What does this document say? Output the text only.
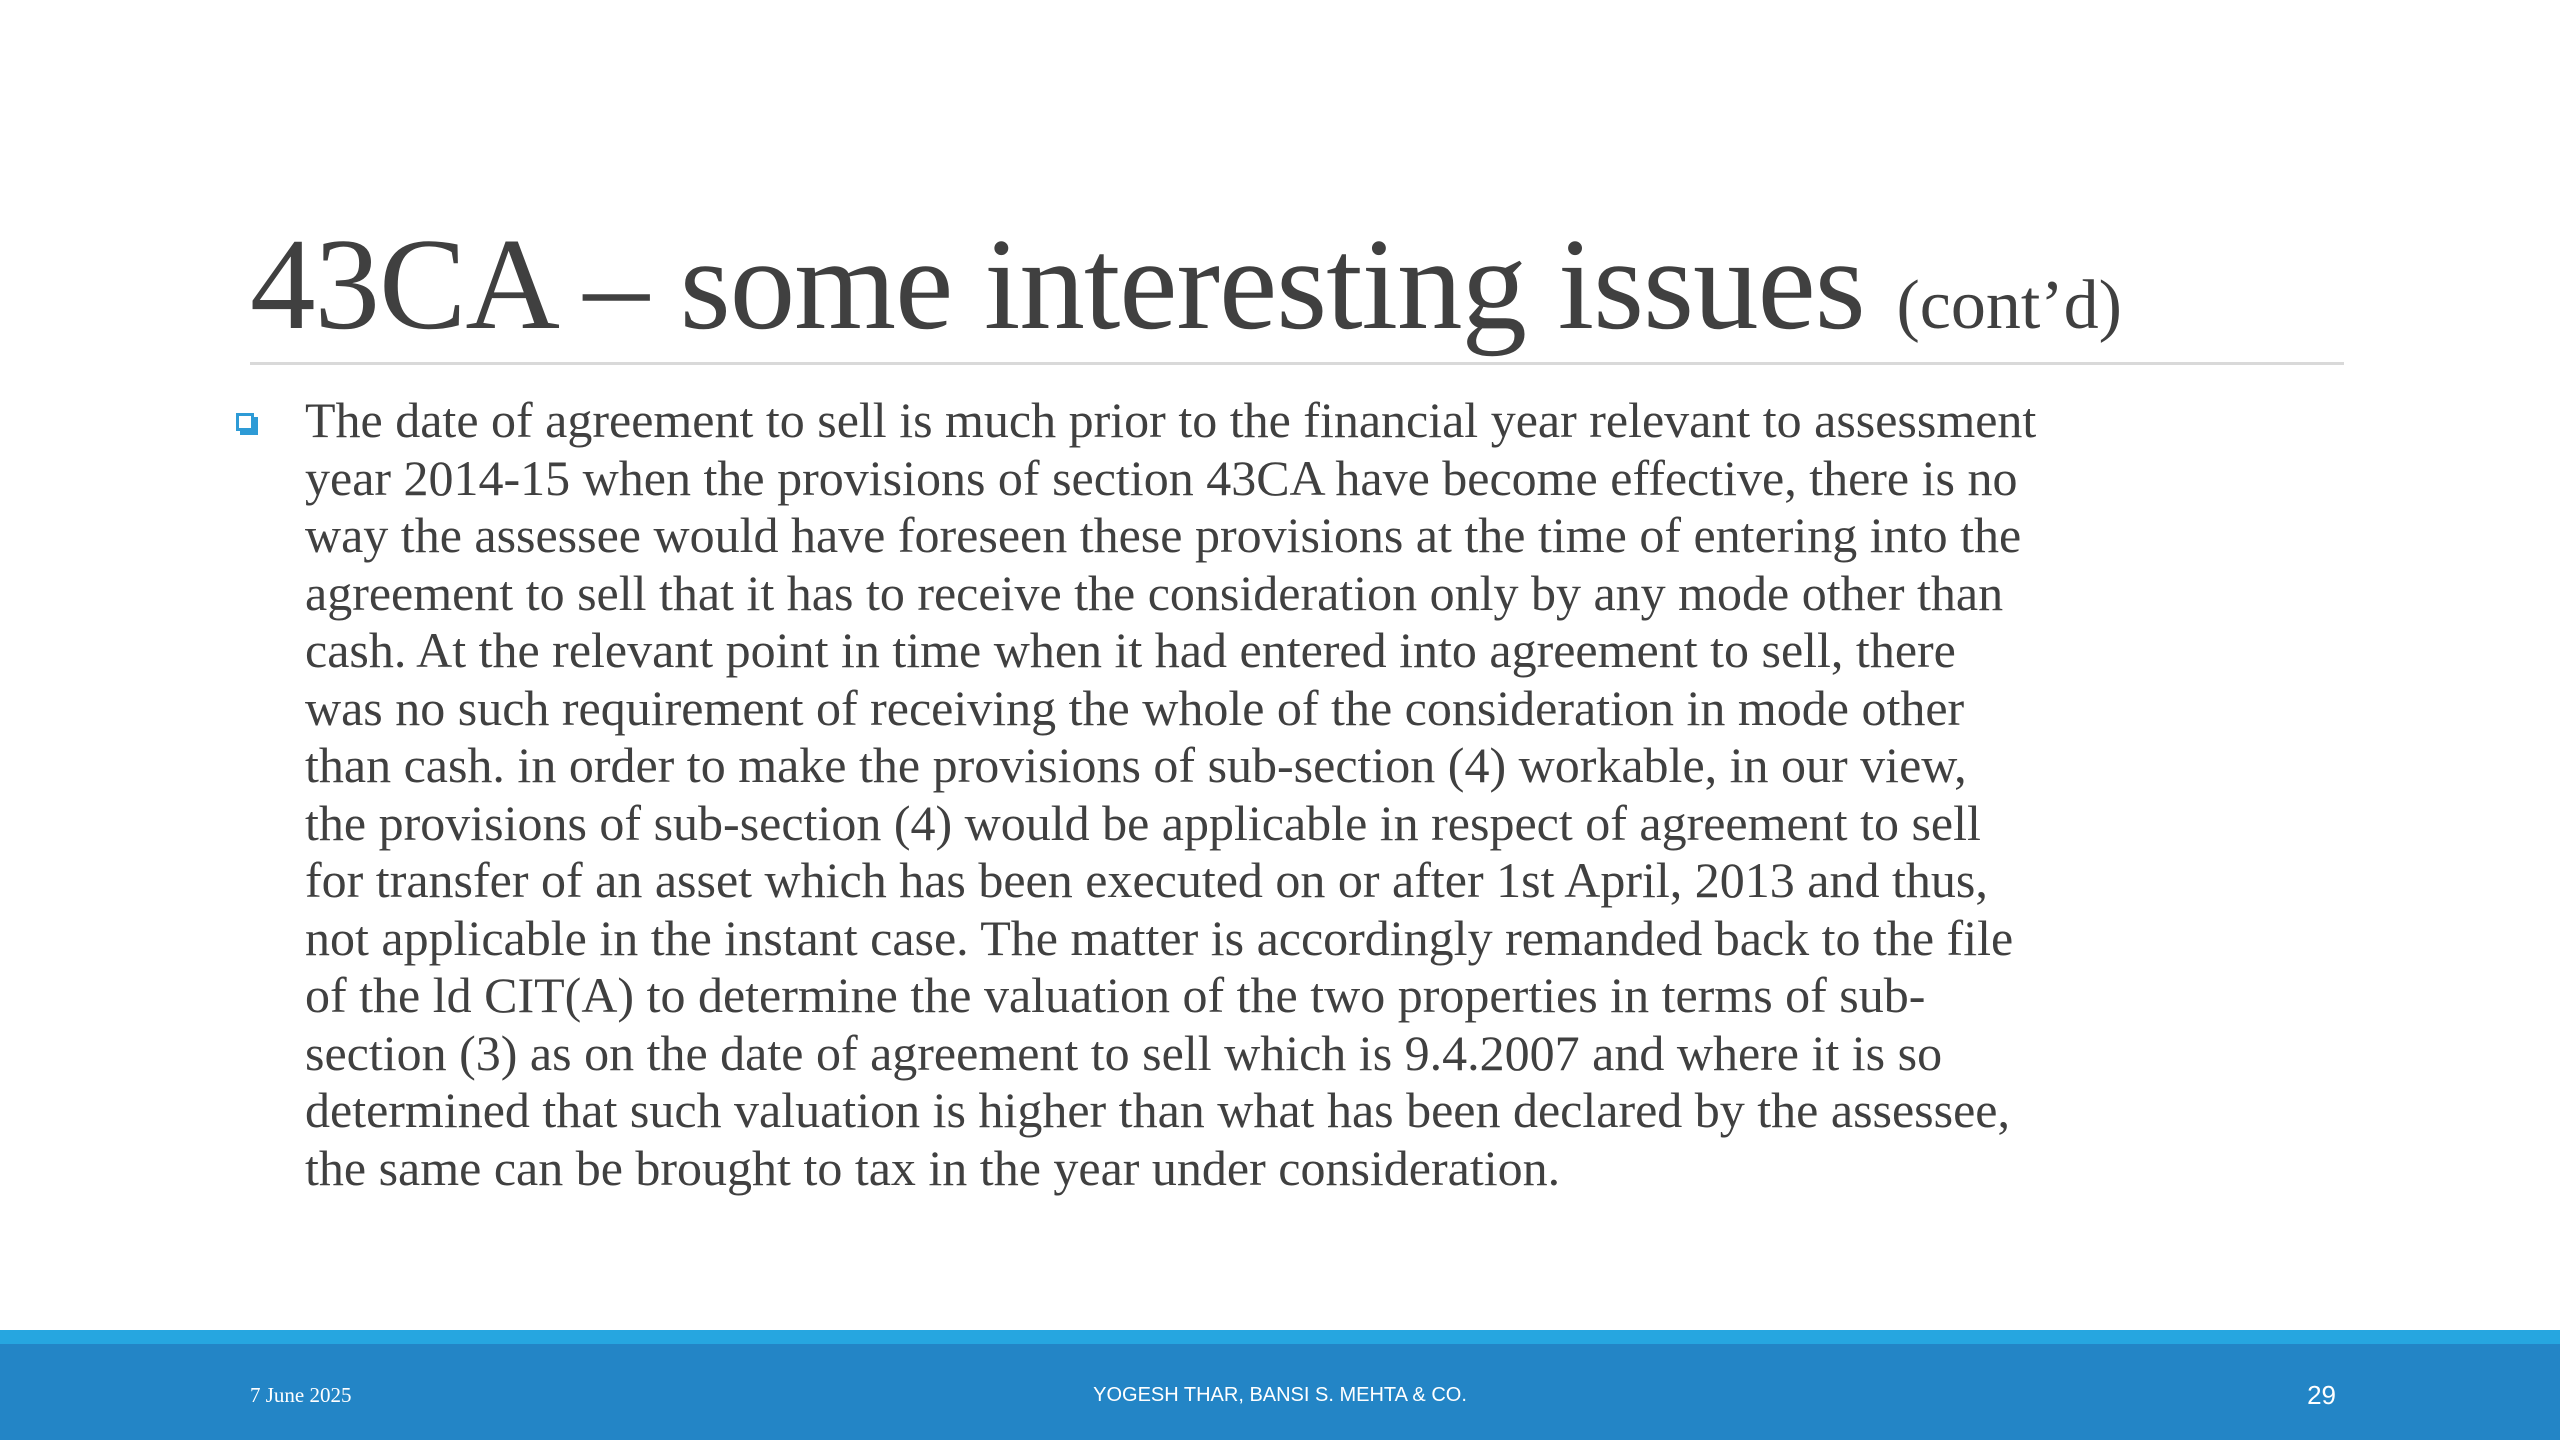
43CA – some interesting issues (cont’d)
The date of agreement to sell is much prior to the financial year relevant to assessment
year 2014-15 when the provisions of section 43CA have become effective, there is no
way the assessee would have foreseen these provisions at the time of entering into the
agreement to sell that it has to receive the consideration only by any mode other than
cash. At the relevant point in time when it had entered into agreement to sell, there
was no such requirement of receiving the whole of the consideration in mode other
than cash. in order to make the provisions of sub-section (4) workable, in our view,
the provisions of sub-section (4) would be applicable in respect of agreement to sell
for transfer of an asset which has been executed on or after 1st April, 2013 and thus,
not applicable in the instant case. The matter is accordingly remanded back to the file
of the ld CIT(A) to determine the valuation of the two properties in terms of sub-
section (3) as on the date of agreement to sell which is 9.4.2007 and where it is so
determined that such valuation is higher than what has been declared by the assessee,
the same can be brought to tax in the year under consideration.
7 June 2025	YOGESH THAR, BANSI S. MEHTA & CO.	29
